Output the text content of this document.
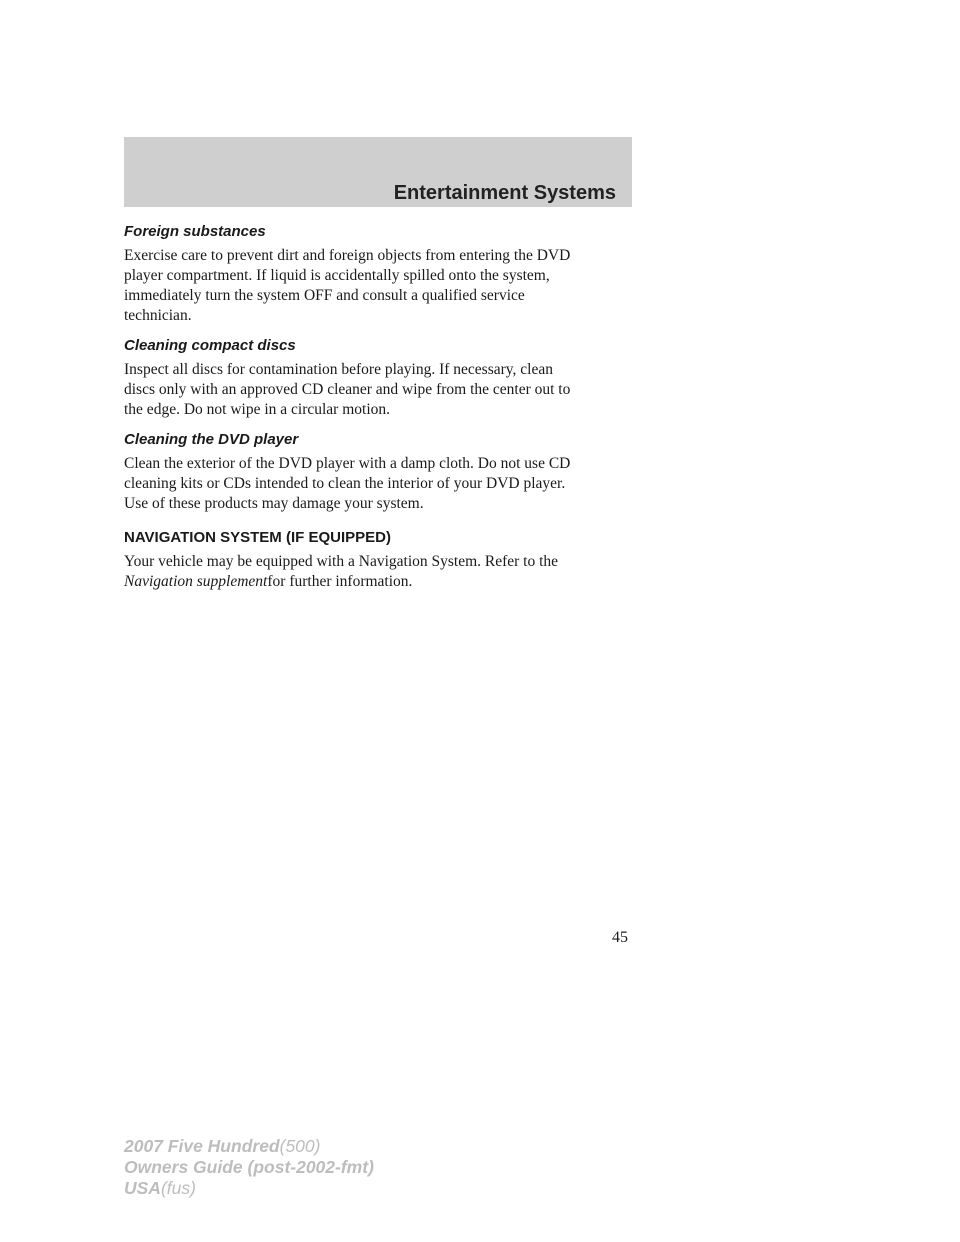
Entertainment Systems
Foreign substances
Exercise care to prevent dirt and foreign objects from entering the DVD
player compartment. If liquid is accidentally spilled onto the system,
immediately turn the system OFF and consult a qualified service
technician.
Cleaning compact discs
Inspect all discs for contamination before playing. If necessary, clean
discs only with an approved CD cleaner and wipe from the center out to
the edge. Do not wipe in a circular motion.
Cleaning the DVD player
Clean the exterior of the DVD player with a damp cloth. Do not use CD
cleaning kits or CDs intended to clean the interior of your DVD player.
Use of these products may damage your system.
NAVIGATION SYSTEM (IF EQUIPPED)
Your vehicle may be equipped with a Navigation System. Refer to the
Navigation supplementfor further information.
45
2007 Five Hundred(500)
Owners Guide (post-2002-fmt)
USA(fus)
